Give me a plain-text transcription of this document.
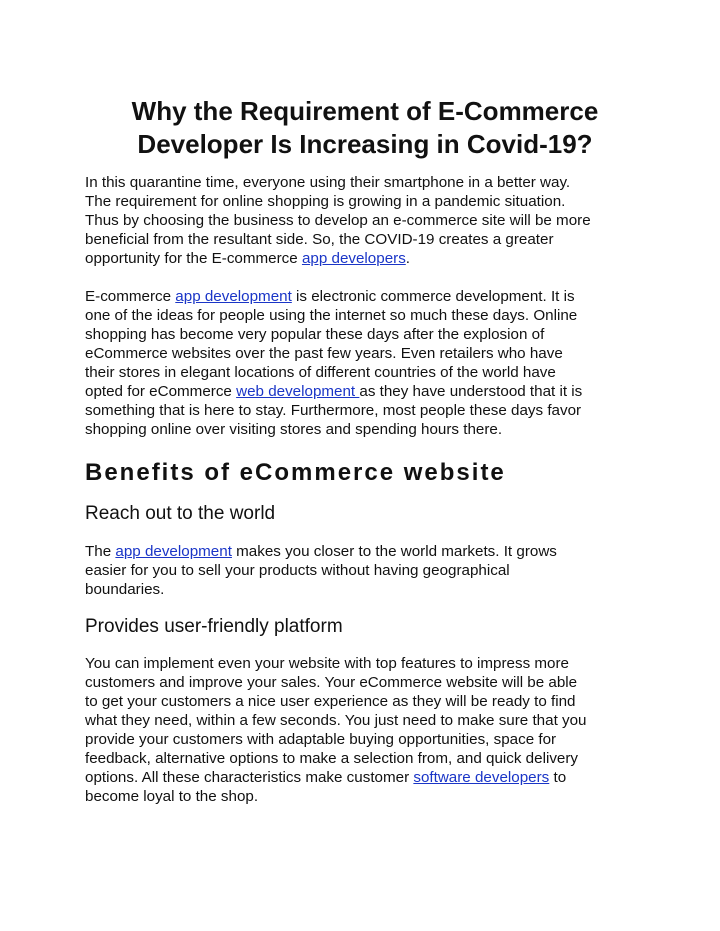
Why the Requirement of E-Commerce
Developer Is Increasing in Covid-19?

In this quarantine time, everyone using their smartphone in a better way.
The requirement for online shopping is growing in a pandemic situation.
Thus by choosing the business to develop an e-commerce site will be more
beneficial from the resultant side. So, the COVID-19 creates a greater
opportunity for the E-commerce app developers.

E-commerce app development is electronic commerce development. It is
one of the ideas for people using the internet so much these days. Online
shopping has become very popular these days after the explosion of
eCommerce websites over the past few years. Even retailers who have
their stores in elegant locations of different countries of the world have
opted for eCommerce web development as they have understood that it is
something that is here to stay. Furthermore, most people these days favor
shopping online over visiting stores and spending hours there.

Benefits of eCommerce website
Reach out to the world

The app development makes you closer to the world markets. It grows
easier for you to sell your products without having geographical
boundaries.

Provides user-friendly platform

You can implement even your website with top features to impress more
customers and improve your sales. Your eCommerce website will be able
to get your customers a nice user experience as they will be ready to find
what they need, within a few seconds. You just need to make sure that you
provide your customers with adaptable buying opportunities, space for
feedback, alternative options to make a selection from, and quick delivery
options. All these characteristics make customer software developers to
become loyal to the shop.
